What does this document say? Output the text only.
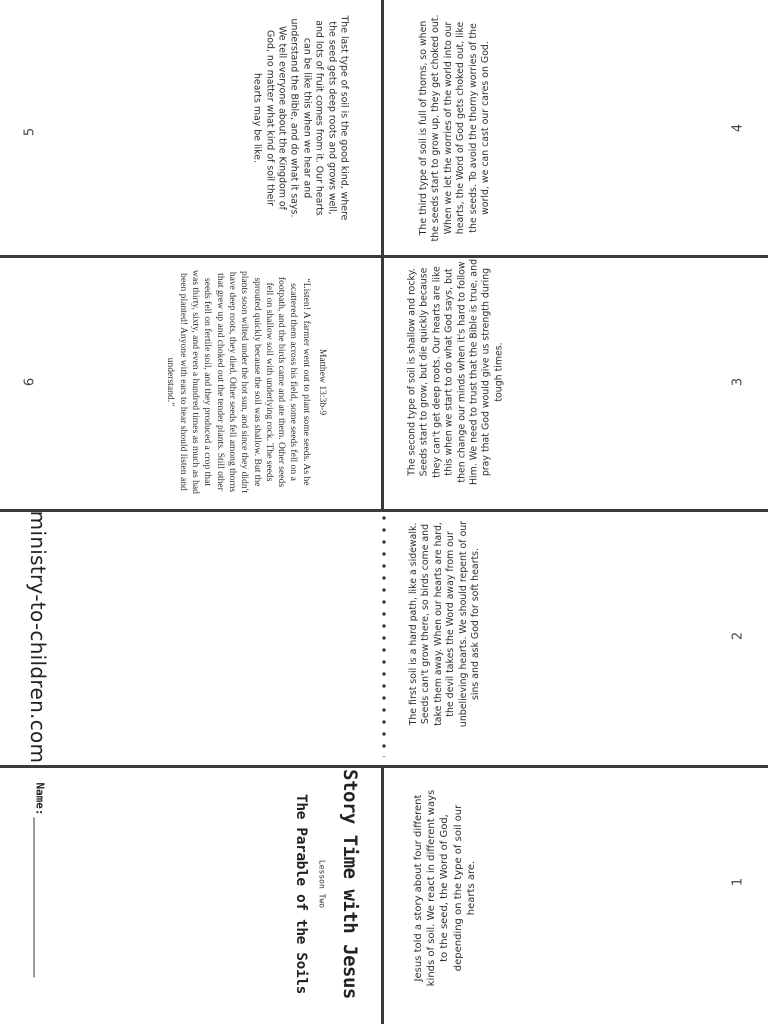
5	The last type of soil is the good kind, where the seed gets deep roots and grows well, and lots of fruit comes from it. Our hearts can be like this when we hear and understand the Bible, and do what it says. We tell everyone about the Kingdom of God, no matter what kind of soil their hearts may be like.	4
The third type of soil is full of thorns, so when the seeds start to grow up, they get choked out. When we let the worries of the world into our hearts, the Word of God gets choked out, like the seeds. To avoid the thorny worries of the world, we can cast our cares on God.
6	Matthew 13:3b-9
“Listen! A farmer went out to plant some seeds. As he scattered them across his field, some seeds fell on a footpath, and the birds came and ate them. Other seeds fell on shallow soil with underlying rock. The seeds sprouted quickly because the soil was shallow. But the plants soon wilted under the hot sun, and since they didn't have deep roots, they died. Other seeds fell among thorns that grew up and choked out the tender plants. Still other seeds fell on fertile soil, and they produced a crop that was thirty, sixty, and even a hundred times as much as had been planted! Anyone with ears to hear should listen and understand.”	3
The second type of soil is shallow and rocky. Seeds start to grow, but die quickly because they can't get deep roots. Our hearts are like this when we start to do what God says, but then change our minds when it's hard to follow Him. We need to trust that the Bible is true, and pray that God would give us strength during tough times.
ministry-to-children.com	2
The first soil is a hard path, like a sidewalk. Seeds can't grow there, so birds come and take them away. When our hearts are hard, the devil takes the Word away from our unbelieving hearts. We should repent of our sins and ask God for soft hearts.
Name:	Story Time with Jesus
Lesson Two
The Parable of the Soils	1
Jesus told a story about four different kinds of soil. We react in different ways to the seed, the Word of God, depending on the type of soil our hearts are.
